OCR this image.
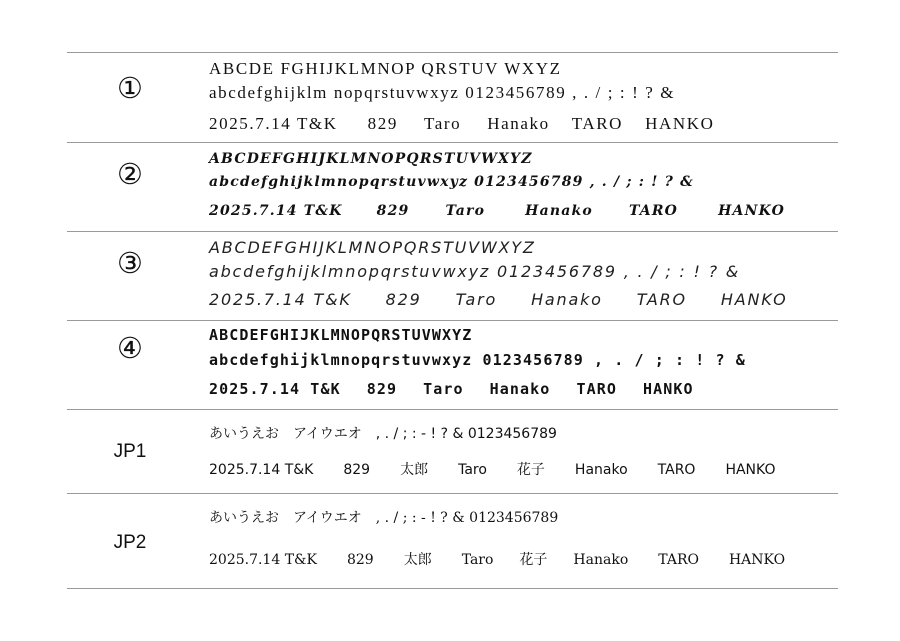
①
ABCDE FGHIJKLMNOP QRSTUV WXYZ
abcdefghijklm nopqrstuvwxyz 0123456789 , . / ; : ! ? &
2025.7.14 T&K 829 Taro Hanako TARO HANKO
②	ABCDEFGHIJKLMNOPQRSTUVWXYZ
abcdefghijklmnopqrstuvwxyz 0123456789 , . / ; : ! ? &
2025.7.14 T&K 829	Taro	Hanako	TARO	HANKO
③	ABCDEFGHIJKLMNOPQRSTUVWXYZ
abcdefghijklmnopqrstuvwxyz 0123456789 , . / ; : ! ? &
2025.7.14 T&K 829 Taro Hanako TARO HANKO
④	ABCDEFGHIJKLMNOPQRSTUVWXYZ
abcdefghijklmnopqrstuvwxyz 0123456789 , . / ; : ! ? &
2025.7.14 T&K 829 Taro Hanako TARO HANKO
JP1
あいうえお　アイウエオ　, . / ; : - ! ? & 0123456789
2025.7.14 T&K 829 太郎 Taro 花子 Hanako TARO HANKO
JP2
あいうえお　アイウエオ　, . / ; : - ! ? & 0123456789
2025.7.14 T&K 829 太郎 Taro 花子 Hanako TARO HANKO
